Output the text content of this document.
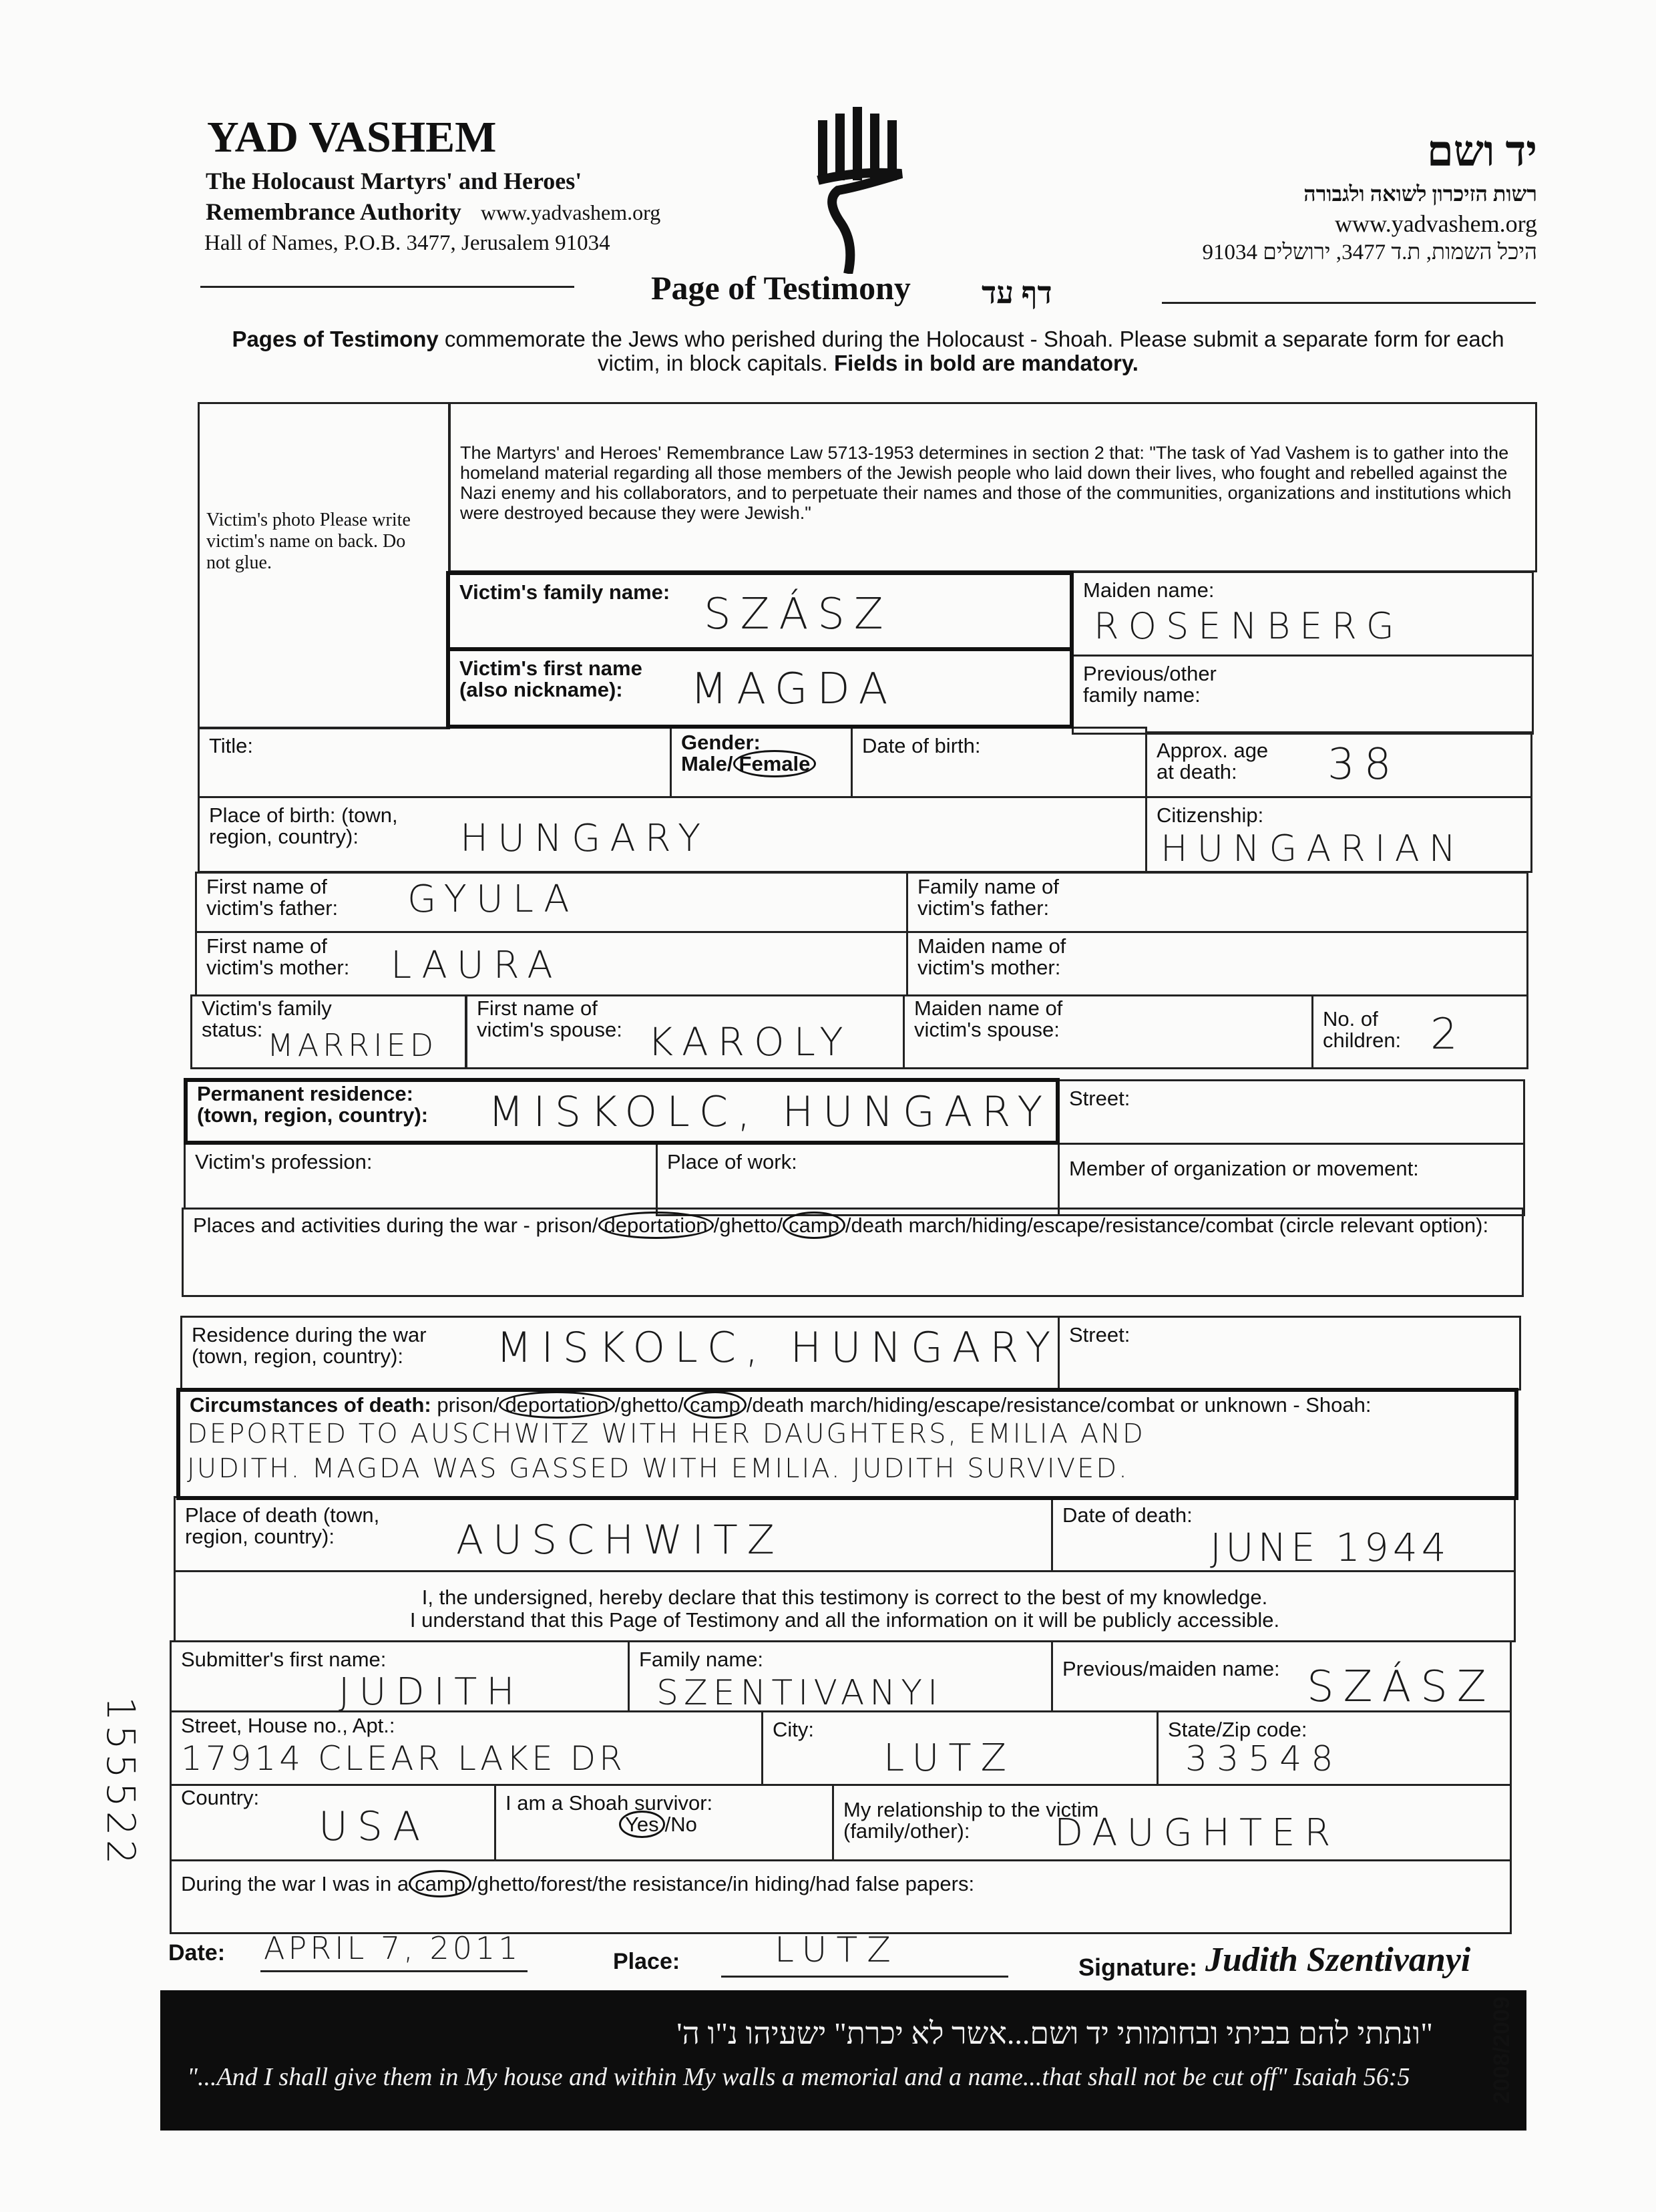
YAD VASHEM
The Holocaust Martyrs' and Heroes'
Remembrance Authority www.yadvashem.org
Hall of Names, P.O.B. 3477, Jerusalem 91034
יד ושם
רשות הזיכרון לשואה ולגבורה
www.yadvashem.org
היכל השמות, ת.ד 3477, ירושלים 91034
Page of Testimony דף עד
Pages of Testimony commemorate the Jews who perished during the Holocaust - Shoah. Please submit a separate form for each victim, in block capitals. Fields in bold are mandatory.
Victim's photo Please write victim's name on back. Do not glue.
The Martyrs' and Heroes' Remembrance Law 5713-1953 determines in section 2 that: "The task of Yad Vashem is to gather into the homeland material regarding all those members of the Jewish people who laid down their lives, who fought and rebelled against the Nazi enemy and his collaborators, and to perpetuate their names and those of the communities, organizations and institutions which were destroyed because they were Jewish."
Victim's family name: SZÁSZ	Maiden name:
ROSENBERG
Victim's first name (also nickname):	MAGDA	Previous/other family name:
Title:	Gender:
Male/ Female
Date of birth:	Approx. age at death:	38
Place of birth: (town, region, country):	HUNGARY
Citizenship:
HUNGARIAN
First name of victim's father:	GYULA	Family name of victim's father:
First name of victim's mother:	LAURA	Maiden name of victim's mother:
Victim's family status: MARRIED
First name of victim's spouse: KAROLY
Maiden name of victim's spouse:	No. of children: 2
Permanent residence: (town, region, country):	MISKOLC, HUNGARY Street:
Victim's profession:	Place of work:	Member of organization or movement:
Places and activities during the war - prison/ deportation /ghetto/ camp /death march/hiding/escape/resistance/combat (circle relevant option):
Residence during the war (town, region, country):	MISKOLC, HUNGARY Street:
Circumstances of death: prison/ deportation /ghetto/ camp /death march/hiding/escape/resistance/combat or unknown - Shoah:
DEPORTED TO AUSCHWITZ WITH HER DAUGHTERS, EMILIA AND
JUDITH. MAGDA WAS GASSED WITH EMILIA. JUDITH SURVIVED.
Place of death (town, region, country):	AUSCHWITZ
Date of death:
JUNE 1944
I, the undersigned, hereby declare that this testimony is correct to the best of my knowledge.
I understand that this Page of Testimony and all the information on it will be publicly accessible.
Submitter's first name:
JUDITH
Family name:
SZENTIVANYI
Previous/maiden name: SZÁSZ
Street, House no., Apt.:
17914 CLEAR LAKE DR
City:
LUTZ
State/Zip code:
33548
Country:
USA
I am a Shoah survivor:
Yes /No
My relationship to the victim (family/other):	DAUGHTER
During the war I was in a camp /ghetto/forest/the resistance/in hiding/had false papers:
Date: APRIL 7, 2011	Place:	LUTZ	Signature: Judith Szentivanyi
"ונתתי להם בביתי ובחומותי יד ושם...אשר לא יכרת" ישעיהו נ"ו ה'
"...And I shall give them in My house and within My walls a memorial and a name...that shall not be cut off" Isaiah 56:5	2008/2009
155522
